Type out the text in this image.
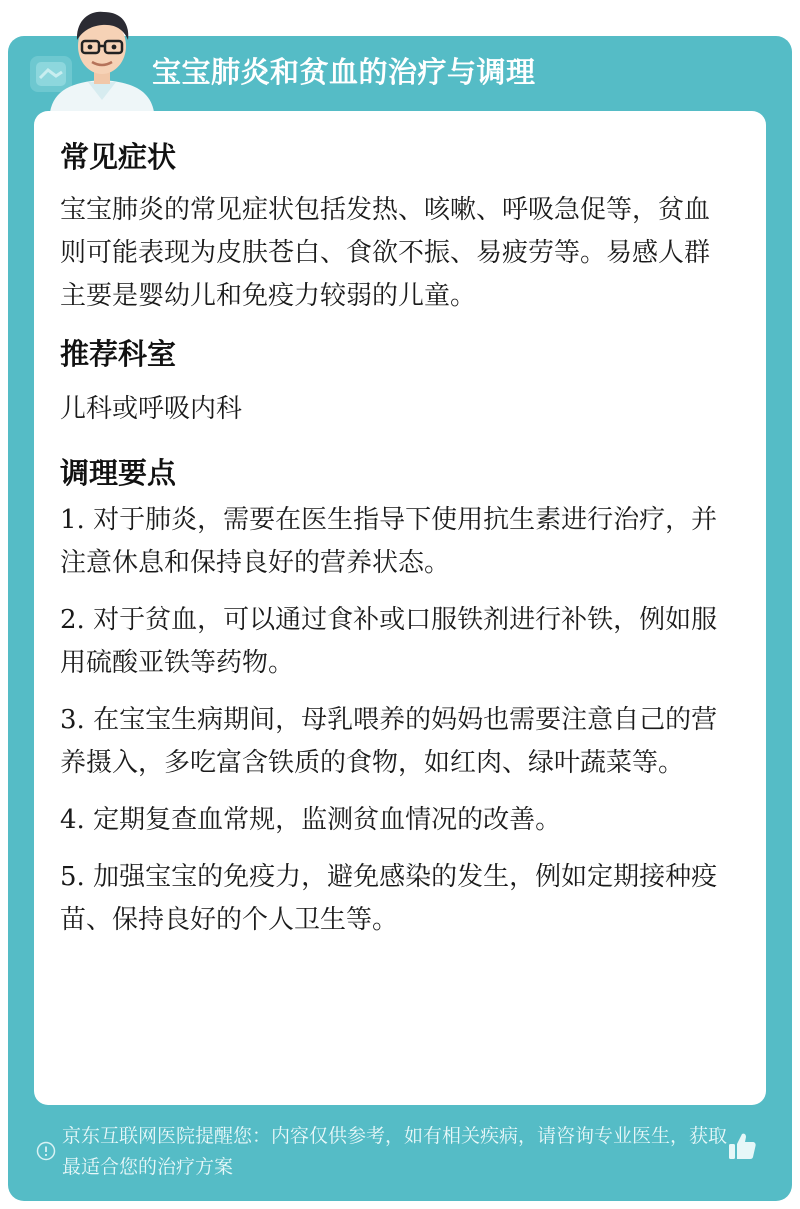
宝宝肺炎和贫血的治疗与调理
常见症状
宝宝肺炎的常见症状包括发热、咳嗽、呼吸急促等，贫血则可能表现为皮肤苍白、食欲不振、易疲劳等。易感人群主要是婴幼儿和免疫力较弱的儿童。
推荐科室
儿科或呼吸内科
调理要点
1. 对于肺炎，需要在医生指导下使用抗生素进行治疗，并注意休息和保持良好的营养状态。
2. 对于贫血，可以通过食补或口服铁剂进行补铁，例如服用硫酸亚铁等药物。
3. 在宝宝生病期间，母乳喂养的妈妈也需要注意自己的营养摄入，多吃富含铁质的食物，如红肉、绿叶蔬菜等。
4. 定期复查血常规，监测贫血情况的改善。
5. 加强宝宝的免疫力，避免感染的发生，例如定期接种疫苗、保持良好的个人卫生等。
京东互联网医院提醒您：内容仅供参考，如有相关疾病，请咨询专业医生，获取最适合您的治疗方案
